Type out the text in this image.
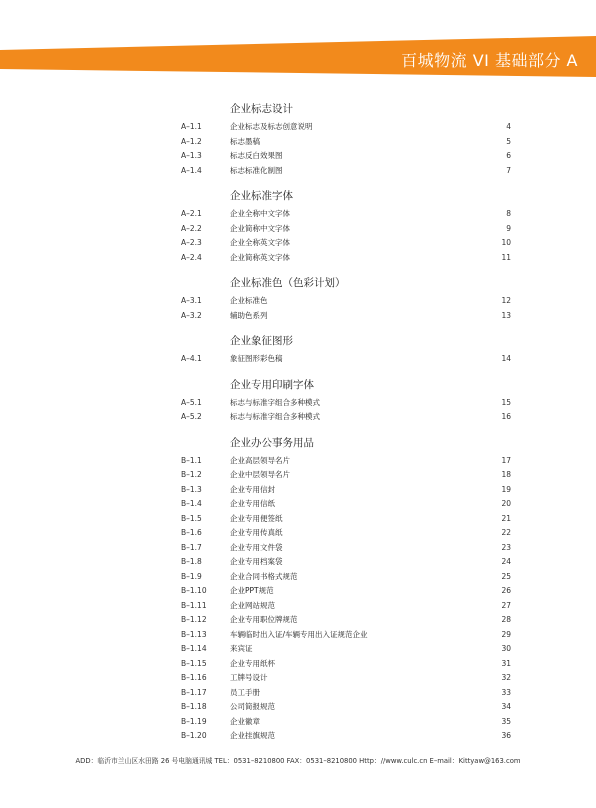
百城物流 VI 基础部分 A
企业标志设计
A–1.1	企业标志及标志创意说明	4
A–1.2	标志墨稿	5
A–1.3	标志反白效果图	6
A–1.4	标志标准化制图	7
企业标准字体
A–2.1	企业全称中文字体	8
A–2.2	企业简称中文字体	9
A–2.3	企业全称英文字体	10
A–2.4	企业简称英文字体	11
企业标准色（色彩计划）
A–3.1	企业标准色	12
A–3.2	辅助色系列	13
企业象征图形
A–4.1	象征图形彩色稿	14
企业专用印刷字体
A–5.1	标志与标准字组合多种模式	15
A–5.2	标志与标准字组合多种模式	16
企业办公事务用品
B–1.1	企业高层领导名片	17
B–1.2	企业中层领导名片	18
B–1.3	企业专用信封	19
B–1.4	企业专用信纸	20
B–1.5	企业专用便签纸	21
B–1.6	企业专用传真纸	22
B–1.7	企业专用文件袋	23
B–1.8	企业专用档案袋	24
B–1.9	企业合同书格式规范	25
B–1.10	企业PPT规范	26
B–1.11	企业网站规范	27
B–1.12	企业专用职位牌规范	28
B–1.13	车辆临时出入证/车辆专用出入证规范企业	29
B–1.14	来宾证	30
B–1.15	企业专用纸杯	31
B–1.16	工牌号设计	32
B–1.17	员工手册	33
B–1.18	公司简报规范	34
B–1.19	企业徽章	35
B–1.20	企业挂旗规范	36
ADD：临沂市兰山区水田路 26 号电脑通讯城 TEL：0531–8210800 FAX：0531–8210800 Http：//www.culc.cn E–mail：Kittyaw@163.com
